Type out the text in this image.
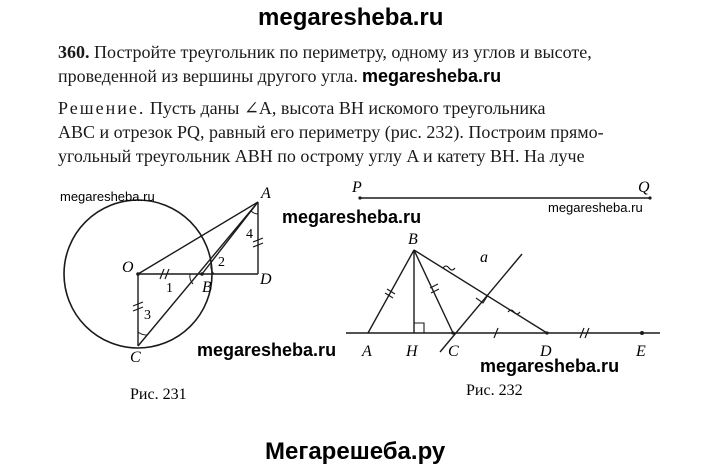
megaresheba.ru
360. Постройте треугольник по периметру, одному из углов и высоте,
проведенной из вершины другого угла. megaresheba.ru
Решение. Пусть даны ∠A, высота BH искомого треугольника
ABC и отрезок PQ, равный его периметру (рис. 232). Построим прямо-
угольный треугольник ABH по острому углу A и катету BH. На луче
A
O
B	D
C
1
2
3
4
Рис. 231
megaresheba.ru
megaresheba.ru
P	Q
B
a
A H C	D	E
Рис. 232
megaresheba.ru
megaresheba.ru
megaresheba.ru
Мегарешеба.ру
